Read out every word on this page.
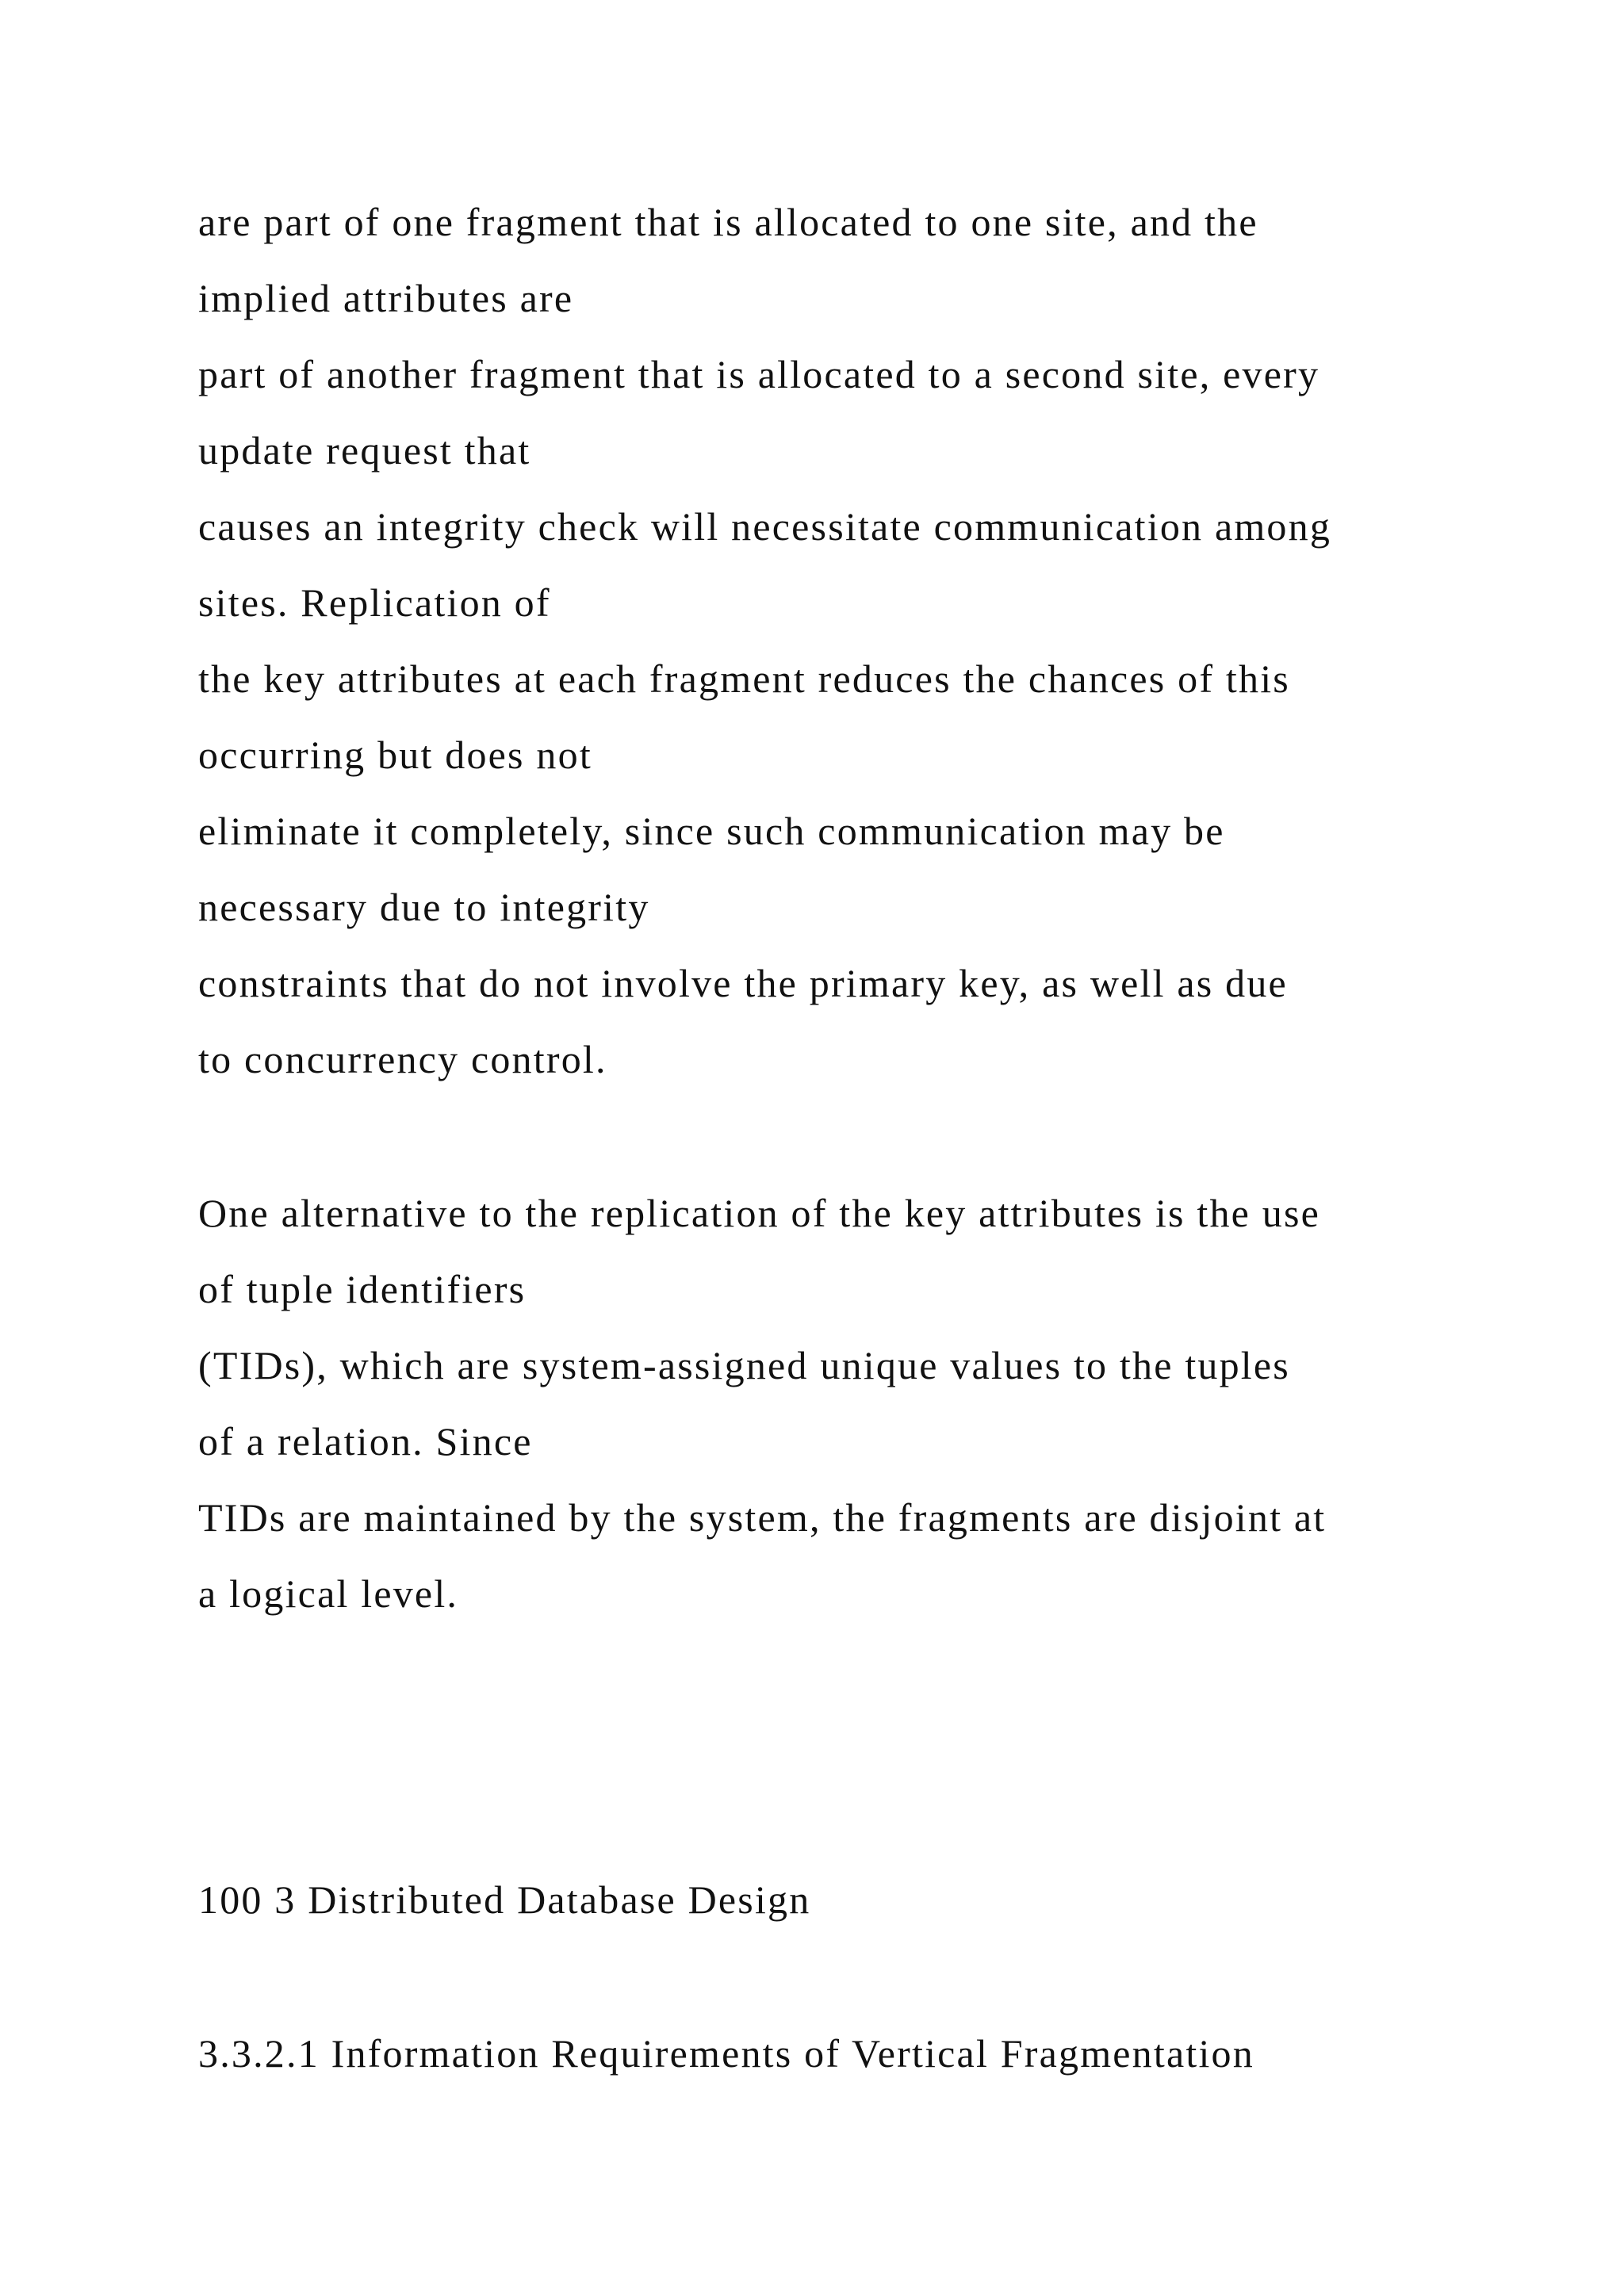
are part of one fragment that is allocated to one site, and the

implied attributes are

part of another fragment that is allocated to a second site, every

update request that

causes an integrity check will necessitate communication among

sites. Replication of

the key attributes at each fragment reduces the chances of this

occurring but does not

eliminate it completely, since such communication may be

necessary due to integrity

constraints that do not involve the primary key, as well as due

to concurrency control.

One alternative to the replication of the key attributes is the use

of tuple identifiers

(TIDs), which are system-assigned unique values to the tuples

of a relation. Since

TIDs are maintained by the system, the fragments are disjoint at

a logical level.

100 3 Distributed Database Design

3.3.2.1 Information Requirements of Vertical Fragmentation
